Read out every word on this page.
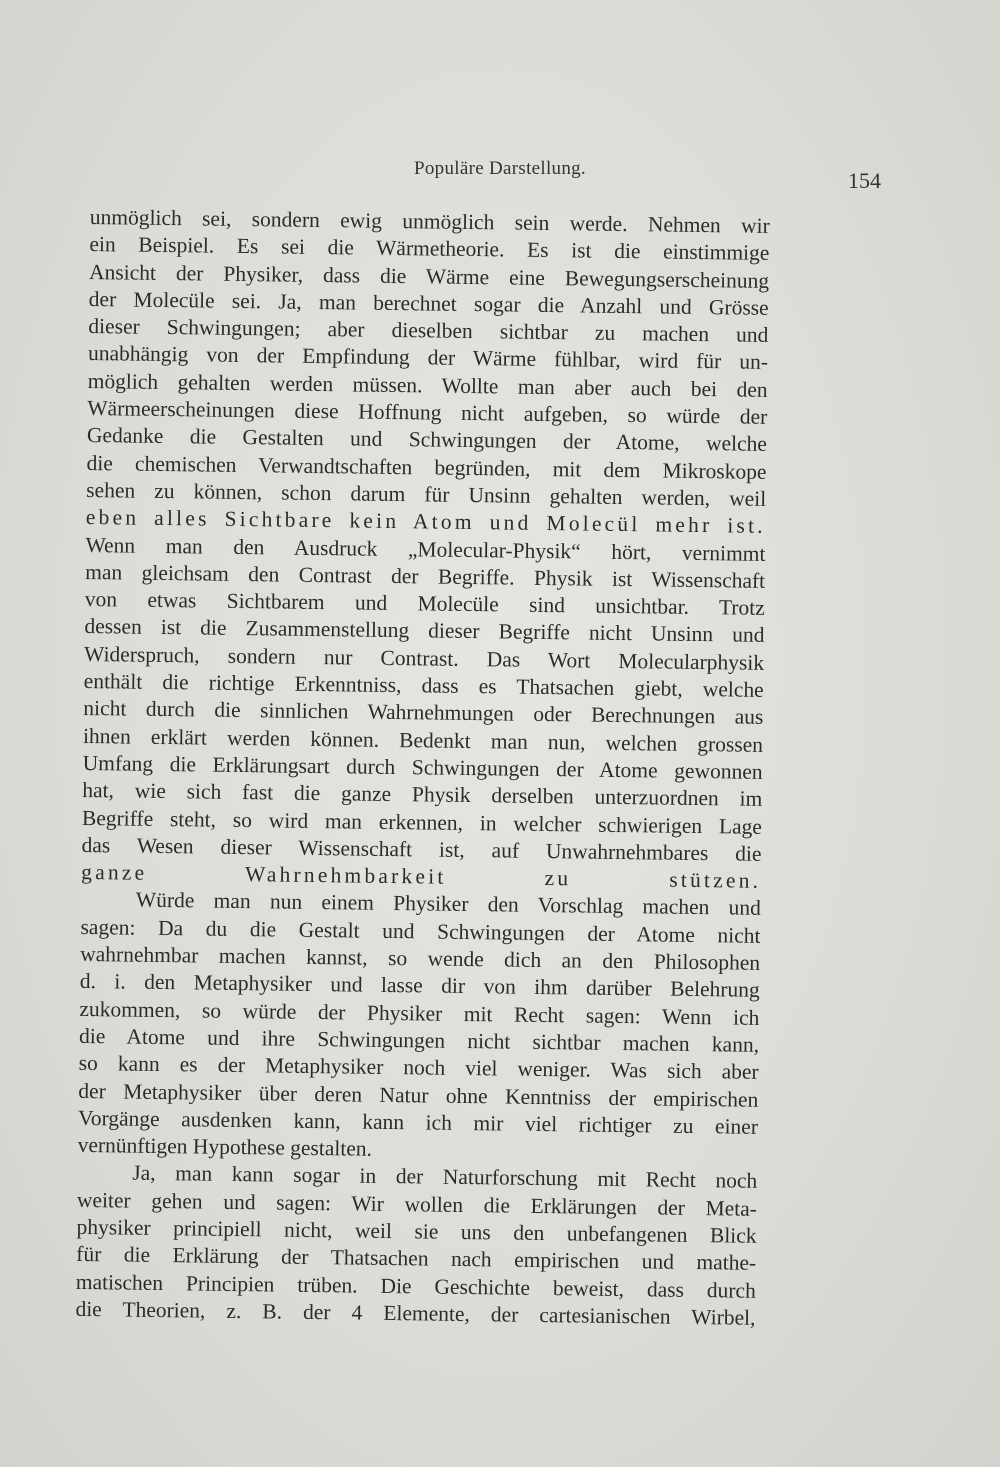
Populäre Darstellung.	154

unmöglich sei, sondern ewig unmöglich sein werde. Nehmen wir
ein Beispiel. Es sei die Wärmetheorie. Es ist die einstimmige
Ansicht der Physiker, dass die Wärme eine Bewegungserscheinung
der Molecüle sei. Ja, man berechnet sogar die Anzahl und Grösse
dieser Schwingungen; aber dieselben sichtbar zu machen und
unabhängig von der Empfindung der Wärme fühlbar, wird für un-
möglich gehalten werden müssen. Wollte man aber auch bei den
Wärmeerscheinungen diese Hoffnung nicht aufgeben, so würde der
Gedanke die Gestalten und Schwingungen der Atome, welche
die chemischen Verwandtschaften begründen, mit dem Mikroskope
sehen zu können, schon darum für Unsinn gehalten werden, weil
eben alles Sichtbare kein Atom und Molecül mehr ist.
Wenn man den Ausdruck „Molecular-Physik“ hört, vernimmt
man gleichsam den Contrast der Begriffe. Physik ist Wissenschaft
von etwas Sichtbarem und Molecüle sind unsichtbar. Trotz
dessen ist die Zusammenstellung dieser Begriffe nicht Unsinn und
Widerspruch, sondern nur Contrast. Das Wort Molecularphysik
enthält die richtige Erkenntniss, dass es Thatsachen giebt, welche
nicht durch die sinnlichen Wahrnehmungen oder Berechnungen aus
ihnen erklärt werden können. Bedenkt man nun, welchen grossen
Umfang die Erklärungsart durch Schwingungen der Atome gewonnen
hat, wie sich fast die ganze Physik derselben unterzuordnen im
Begriffe steht, so wird man erkennen, in welcher schwierigen Lage
das Wesen dieser Wissenschaft ist, auf Unwahrnehmbares die
ganze Wahrnehmbarkeit zu stützen.

Würde man nun einem Physiker den Vorschlag machen und
sagen: Da du die Gestalt und Schwingungen der Atome nicht
wahrnehmbar machen kannst, so wende dich an den Philosophen
d. i. den Metaphysiker und lasse dir von ihm darüber Belehrung
zukommen, so würde der Physiker mit Recht sagen: Wenn ich
die Atome und ihre Schwingungen nicht sichtbar machen kann,
so kann es der Metaphysiker noch viel weniger. Was sich aber
der Metaphysiker über deren Natur ohne Kenntniss der empirischen
Vorgänge ausdenken kann, kann ich mir viel richtiger zu einer
vernünftigen Hypothese gestalten.

Ja, man kann sogar in der Naturforschung mit Recht noch
weiter gehen und sagen: Wir wollen die Erklärungen der Meta-
physiker principiell nicht, weil sie uns den unbefangenen Blick
für die Erklärung der Thatsachen nach empirischen und mathe-
matischen Principien trüben. Die Geschichte beweist, dass durch
die Theorien, z. B. der 4 Elemente, der cartesianischen Wirbel,
